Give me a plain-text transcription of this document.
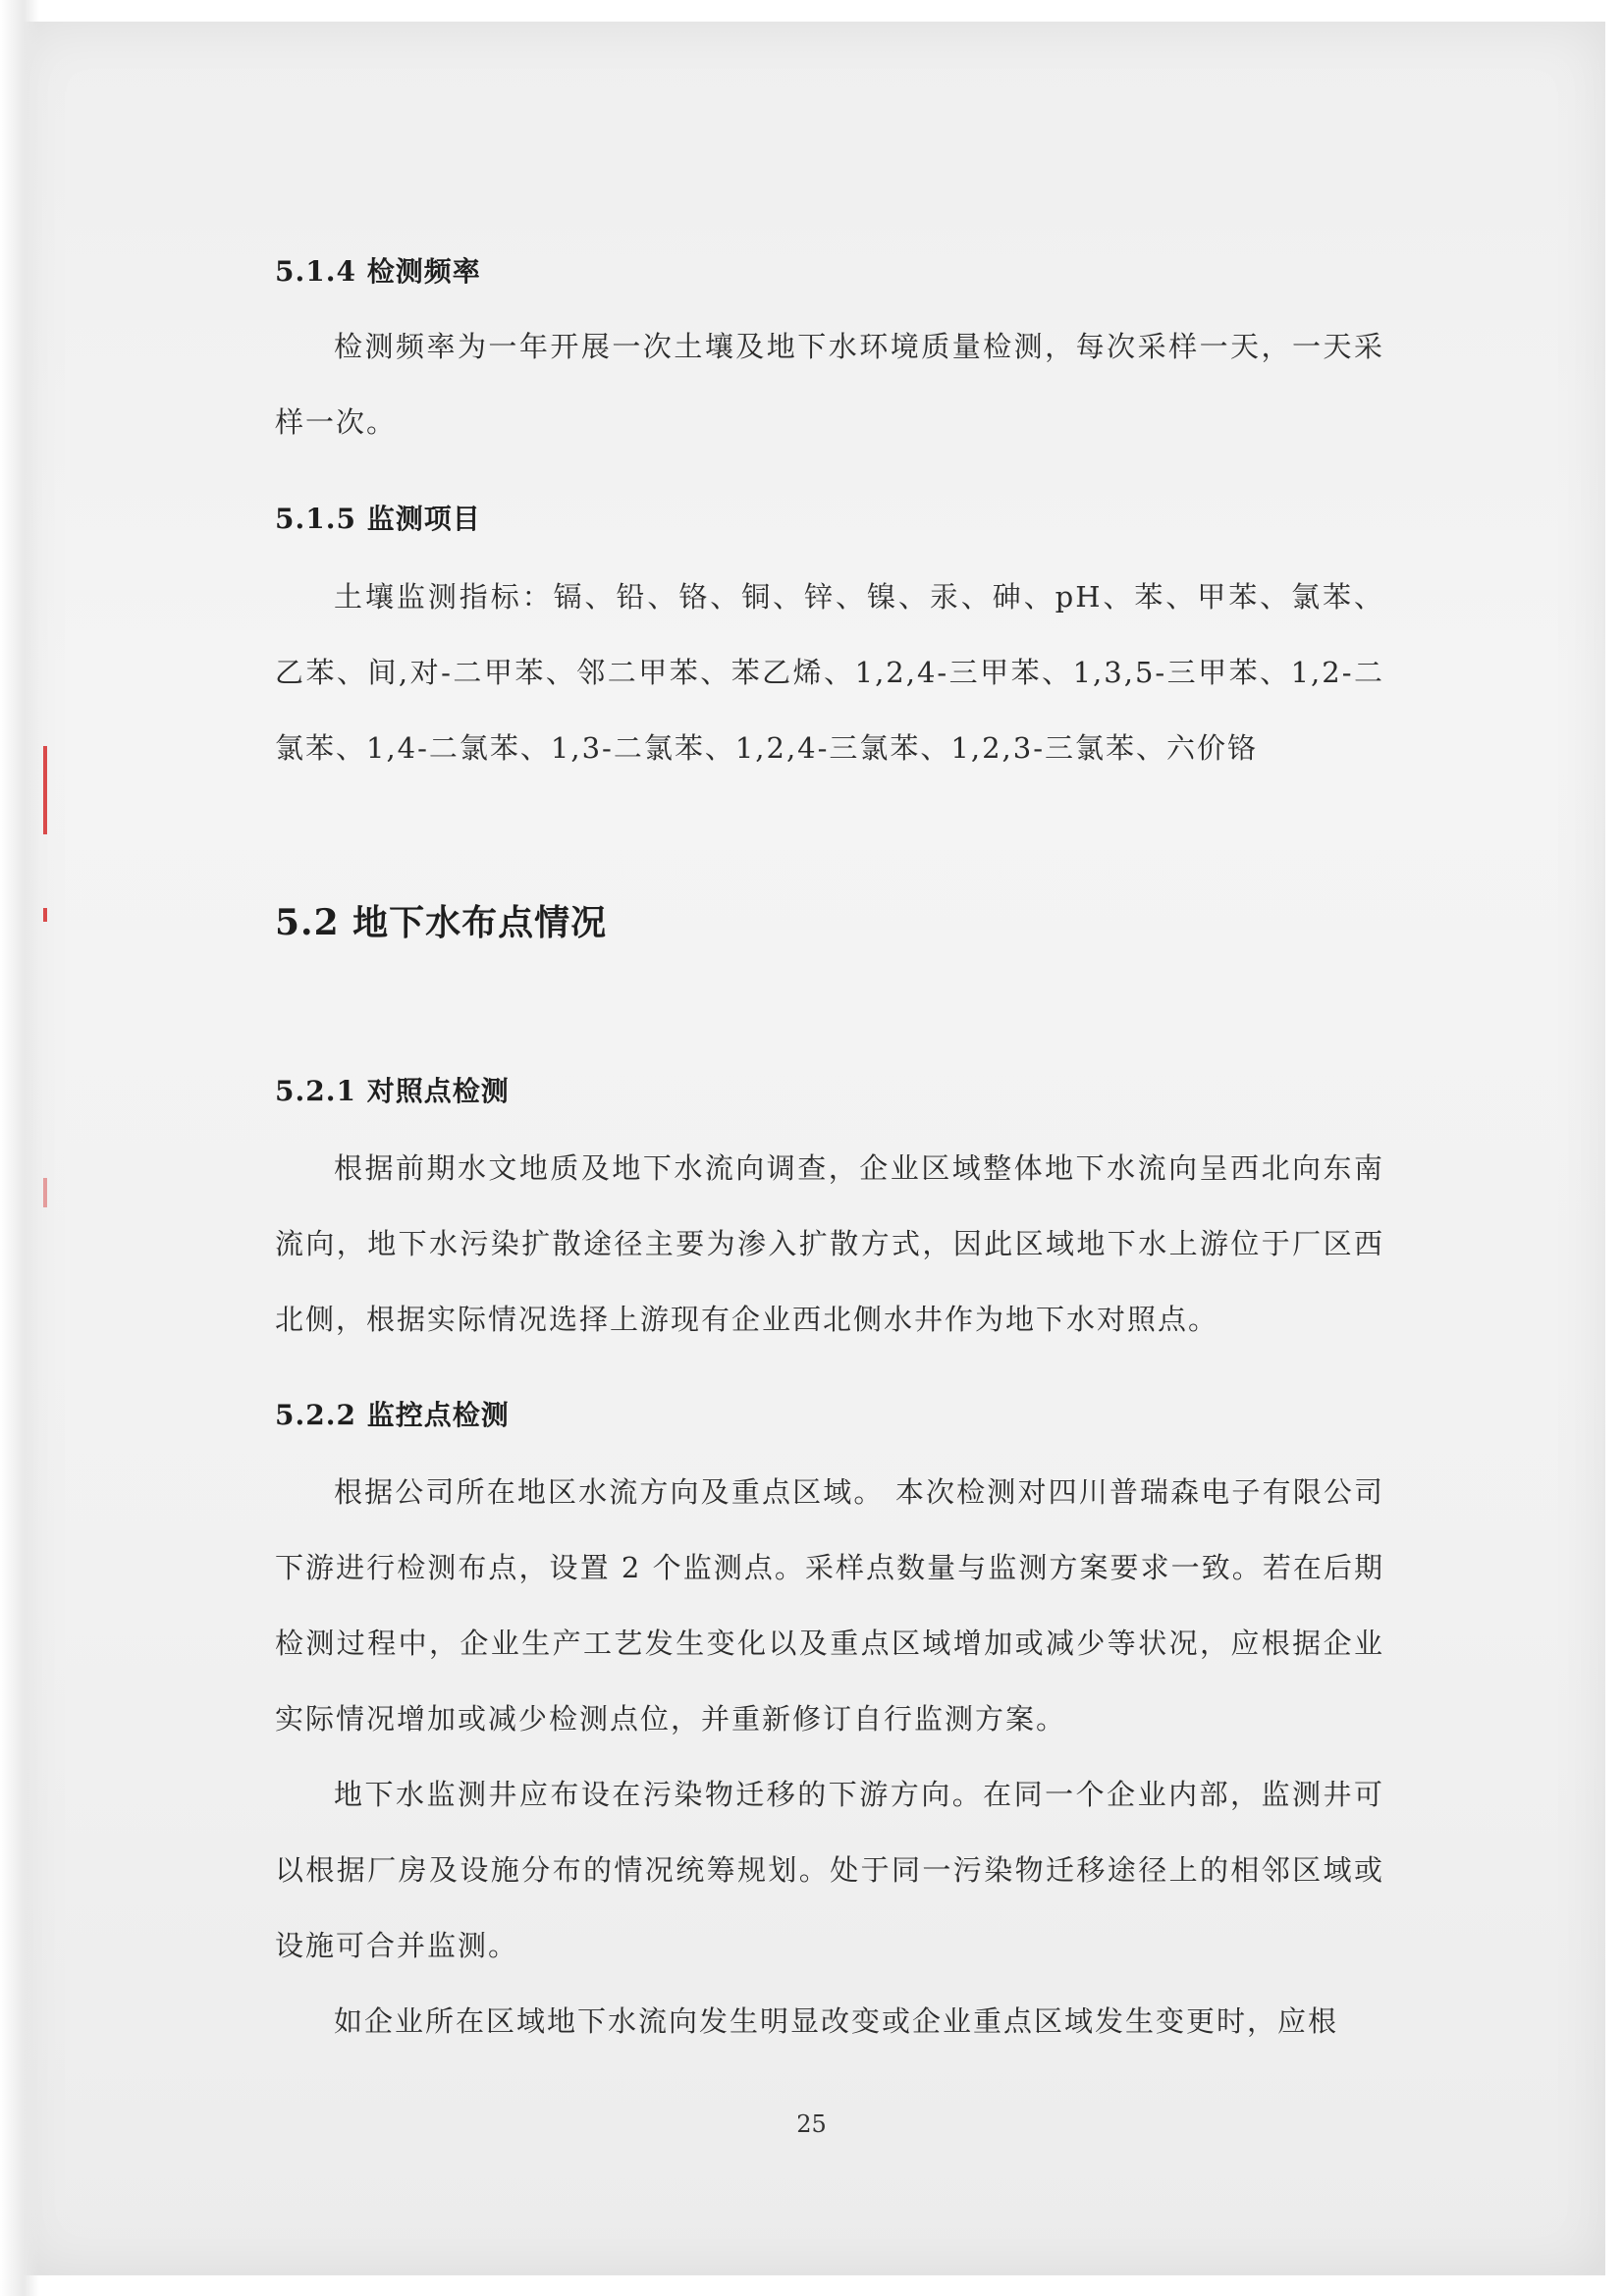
5.1.4 检测频率

检测频率为一年开展一次土壤及地下水环境质量检测，每次采样一天，一天采样一次。

5.1.5 监测项目

土壤监测指标：镉、铅、铬、铜、锌、镍、汞、砷、pH、苯、甲苯、氯苯、乙苯、间,对-二甲苯、邻二甲苯、苯乙烯、1,2,4-三甲苯、1,3,5-三甲苯、1,2-二氯苯、1,4-二氯苯、1,3-二氯苯、1,2,4-三氯苯、1,2,3-三氯苯、六价铬

5.2 地下水布点情况
5.2.1 对照点检测

根据前期水文地质及地下水流向调查，企业区域整体地下水流向呈西北向东南流向，地下水污染扩散途径主要为渗入扩散方式，因此区域地下水上游位于厂区西北侧，根据实际情况选择上游现有企业西北侧水井作为地下水对照点。

5.2.2 监控点检测

根据公司所在地区水流方向及重点区域。 本次检测对四川普瑞森电子有限公司下游进行检测布点，设置 2 个监测点。采样点数量与监测方案要求一致。若在后期检测过程中，企业生产工艺发生变化以及重点区域增加或减少等状况，应根据企业实际情况增加或减少检测点位，并重新修订自行监测方案。

地下水监测井应布设在污染物迁移的下游方向。在同一个企业内部，监测井可以根据厂房及设施分布的情况统筹规划。处于同一污染物迁移途径上的相邻区域或设施可合并监测。

如企业所在区域地下水流向发生明显改变或企业重点区域发生变更时，应根

25
